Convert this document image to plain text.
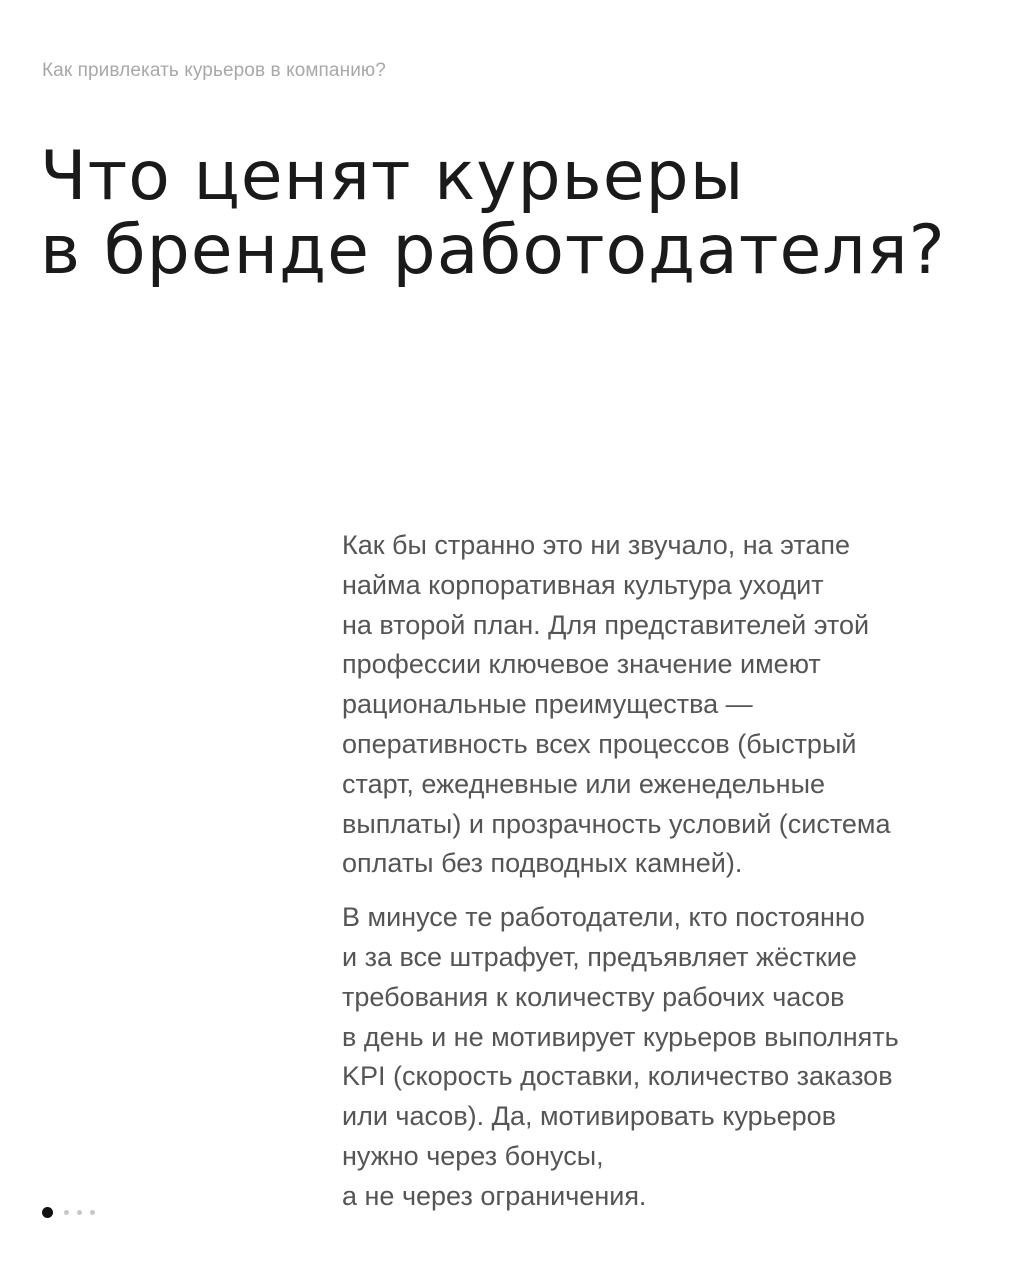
Как привлекать курьеров в компанию?
Что ценят курьеры
в бренде работодателя?

Как бы странно это ни звучало, на этапе
найма корпоративная культура уходит
на второй план. Для представителей этой
профессии ключевое значение имеют
рациональные преимущества —
оперативность всех процессов (быстрый
старт, ежедневные или еженедельные
выплаты) и прозрачность условий (система
оплаты без подводных камней).

В минусе те работодатели, кто постоянно
и за все штрафует, предъявляет жёсткие
требования к количеству рабочих часов
в день и не мотивирует курьеров выполнять
KPI (скорость доставки, количество заказов
или часов). Да, мотивировать курьеров
нужно через бонусы,
а не через ограничения.
